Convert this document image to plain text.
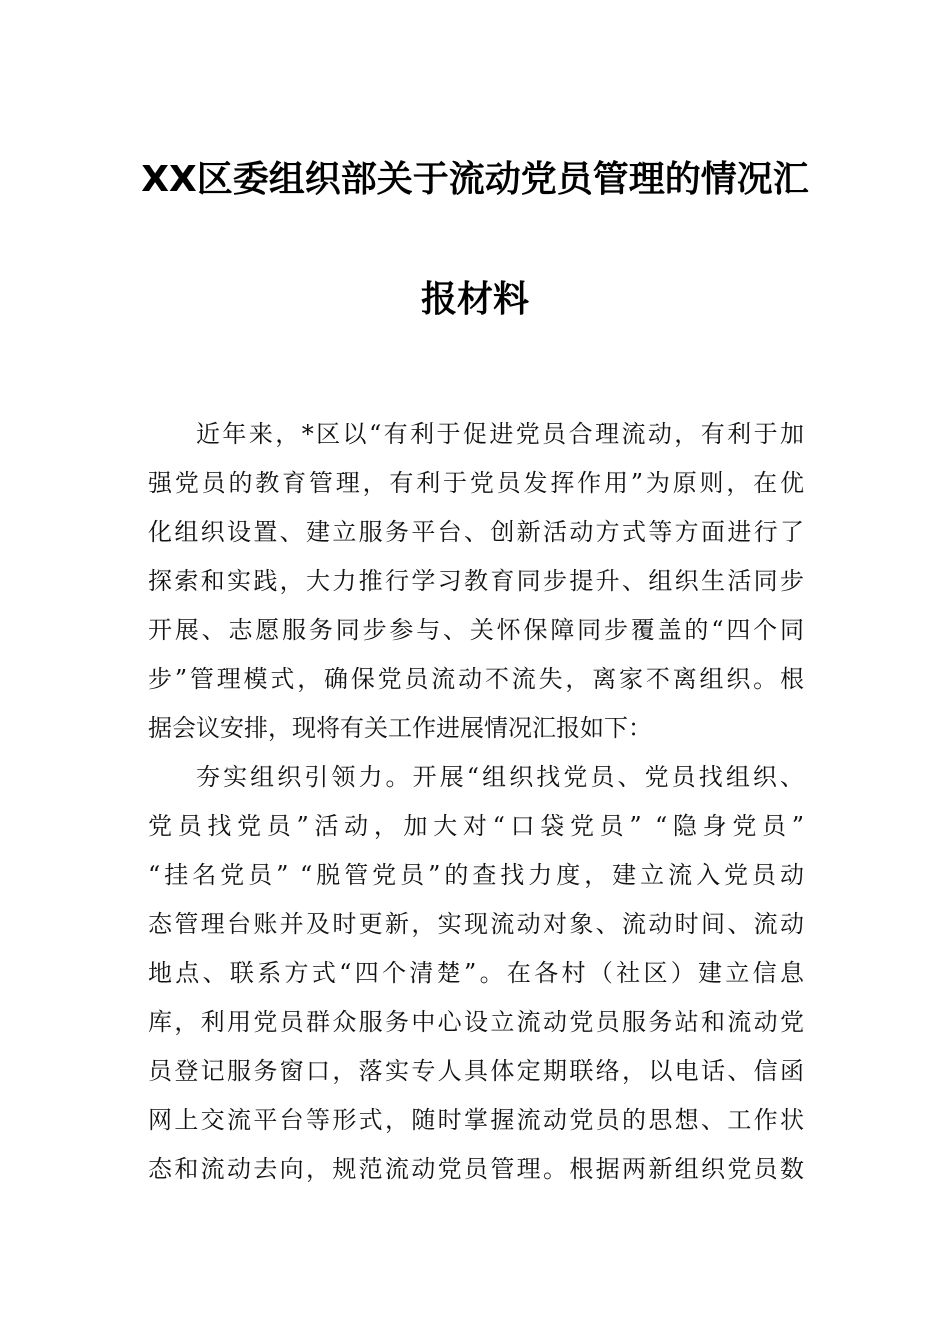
XX区委组织部关于流动党员管理的情况汇
报材料
近年来，*区以“有利于促进党员合理流动，有利于加
强党员的教育管理，有利于党员发挥作用”为原则，在优
化组织设置、建立服务平台、创新活动方式等方面进行了
探索和实践，大力推行学习教育同步提升、组织生活同步
开展、志愿服务同步参与、关怀保障同步覆盖的“四个同
步”管理模式，确保党员流动不流失，离家不离组织。根
据会议安排，现将有关工作进展情况汇报如下：
夯实组织引领力。开展“组织找党员、党员找组织、
党员找党员”活动，加大对“口袋党员” “隐身党员”
“挂名党员” “脱管党员”的查找力度，建立流入党员动
态管理台账并及时更新，实现流动对象、流动时间、流动
地点、联系方式“四个清楚”。在各村（社区）建立信息
库，利用党员群众服务中心设立流动党员服务站和流动党
员登记服务窗口，落实专人具体定期联络，以电话、信函
网上交流平台等形式，随时掌握流动党员的思想、工作状
态和流动去向，规范流动党员管理。根据两新组织党员数
